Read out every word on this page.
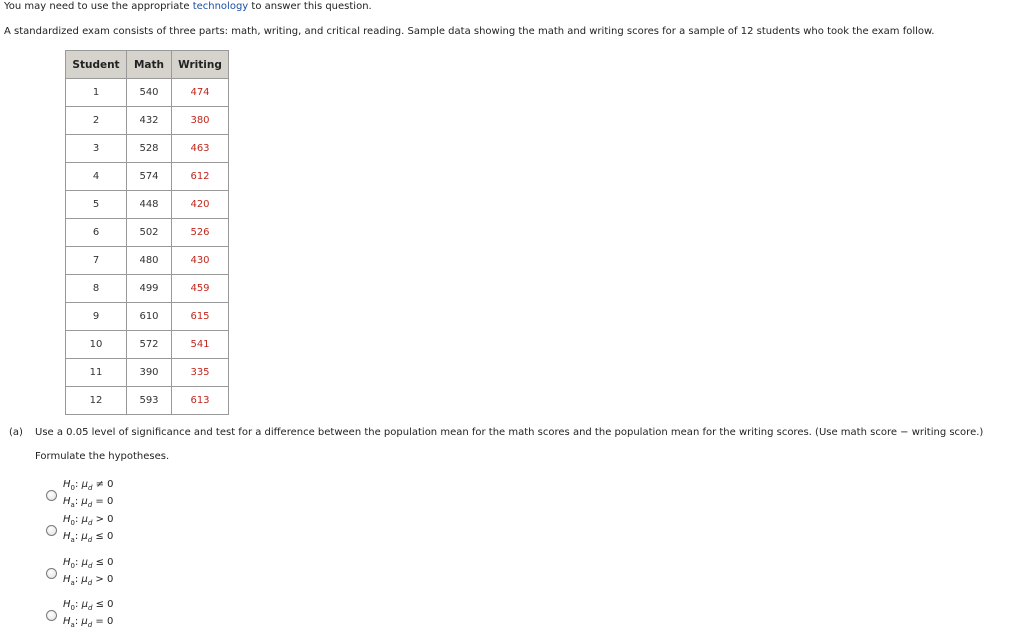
You may need to use the appropriate technology to answer this question.
A standardized exam consists of three parts: math, writing, and critical reading. Sample data showing the math and writing scores for a sample of 12 students who took the exam follow.
Student	Math	Writing
1	540	474
2	432	380
3	528	463
4	574	612
5	448	420
6	502	526
7	480	430
8	499	459
9	610	615
10	572	541
11	390	335
12	593	613
(a) Use a 0.05 level of significance and test for a difference between the population mean for the math scores and the population mean for the writing scores. (Use math score − writing score.)
Formulate the hypotheses.
$H_0$: $\mu_d \ne 0$
$H_a$: $\mu_d = 0$
$H_0$: $\mu_d > 0$
$H_a$: $\mu_d \le 0$
$H_0$: $\mu_d \le 0$
$H_a$: $\mu_d > 0$
$H_0$: $\mu_d \le 0$
$H_a$: $\mu_d = 0$
